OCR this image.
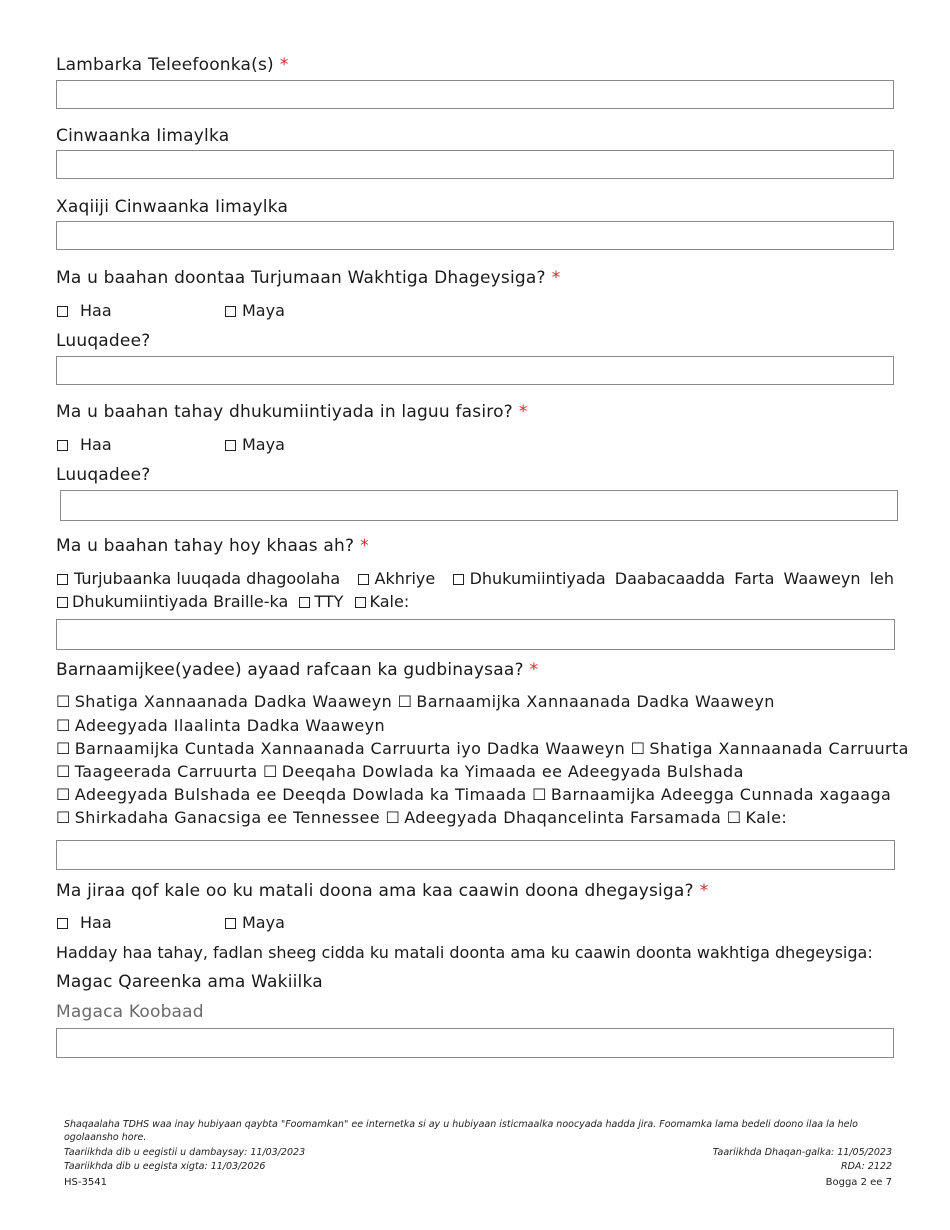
Lambarka Teleefoonka(s) *
Cinwaanka Iimaylka
Xaqiiji Cinwaanka Iimaylka
Ma u baahan doontaa Turjumaan Wakhtiga Dhageysiga? *
Haa	Maya
Luuqadee?
Ma u baahan tahay dhukumiintiyada in laguu fasiro? *
Haa	Maya
Luuqadee?
Ma u baahan tahay hoy khaas ah? *
Turjubaanka luuqada dhagoolaha	Akhriye	Dhukumiintiyada Daabacaadda Farta Waaweyn leh
Dhukumiintiyada Braille-ka TTY Kale:
Barnaamijkee(yadee) ayaad rafcaan ka gudbinaysaa? *
☐ Shatiga Xannaanada Dadka Waaweyn ☐ Barnaamijka Xannaanada Dadka Waaweyn
☐ Adeegyada Ilaalinta Dadka Waaweyn
☐ Barnaamijka Cuntada Xannaanada Carruurta iyo Dadka Waaweyn ☐ Shatiga Xannaanada Carruurta
☐ Taageerada Carruurta ☐ Deeqaha Dowlada ka Yimaada ee Adeegyada Bulshada
☐ Adeegyada Bulshada ee Deeqda Dowlada ka Timaada ☐ Barnaamijka Adeegga Cunnada xagaaga
☐ Shirkadaha Ganacsiga ee Tennessee ☐ Adeegyada Dhaqancelinta Farsamada ☐ Kale:
Ma jiraa qof kale oo ku matali doona ama kaa caawin doona dhegaysiga? *
Haa	Maya
Hadday haa tahay, fadlan sheeg cidda ku matali doonta ama ku caawin doonta wakhtiga dhegeysiga:
Magac Qareenka ama Wakiilka
Magaca Koobaad
Shaqaalaha TDHS waa inay hubiyaan qaybta "Foomamkan" ee internetka si ay u hubiyaan isticmaalka noocyada hadda jira. Foomamka lama bedeli doono ilaa la helo ogolaansho hore.
Taariikhda dib u eegistii u dambaysay: 11/03/2023
Taariikhda dib u eegista xigta: 11/03/2026
HS-3541
Taariikhda Dhaqan-galka: 11/05/2023
RDA: 2122
Bogga 2 ee 7
